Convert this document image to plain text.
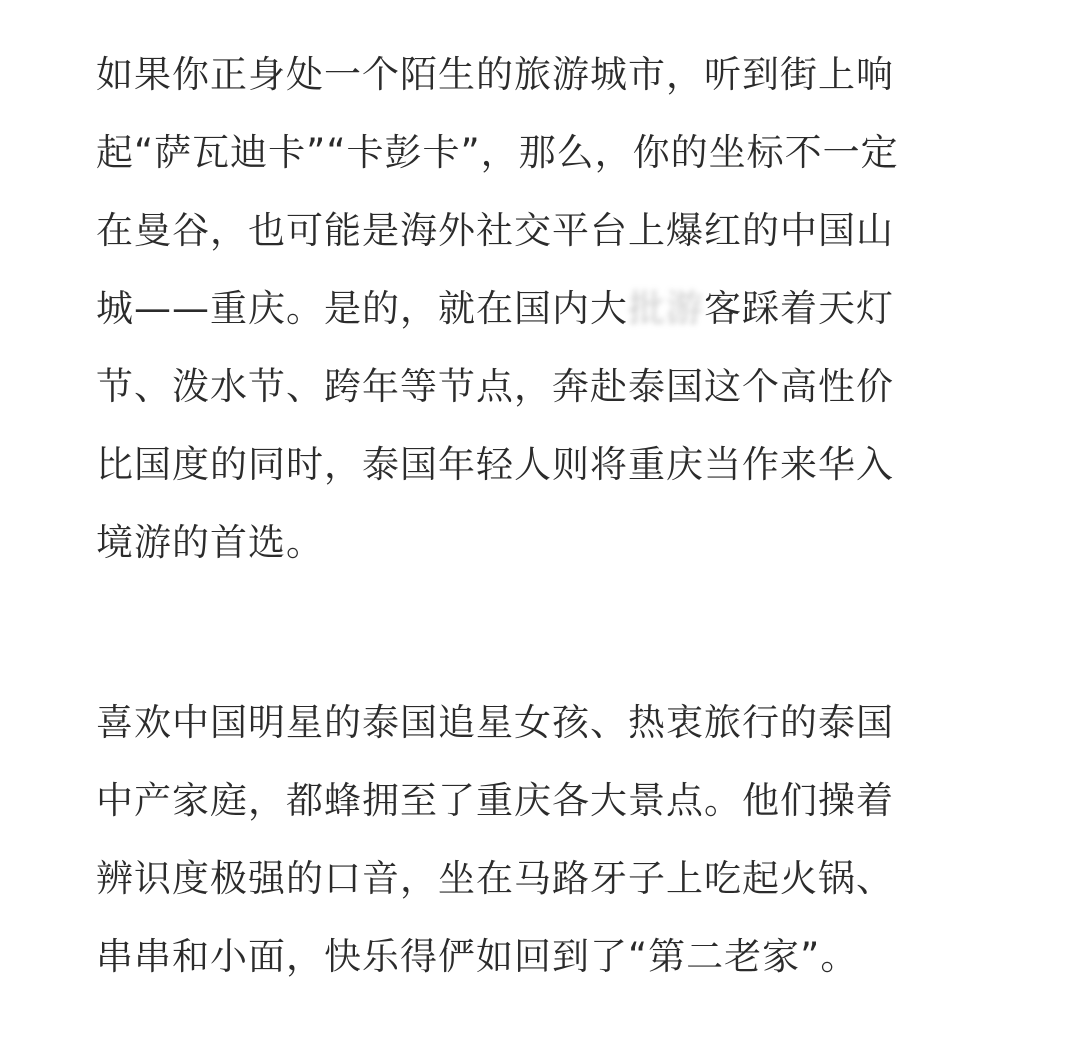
如果你正身处一个陌生的旅游城市，听到街上响
起“萨瓦迪卡”“卡彭卡”，那么，你的坐标不一定
在曼谷，也可能是海外社交平台上爆红的中国山
城——重庆。是的，就在国内大批游客踩着天灯
节、泼水节、跨年等节点，奔赴泰国这个高性价
比国度的同时，泰国年轻人则将重庆当作来华入
境游的首选。
喜欢中国明星的泰国追星女孩、热衷旅行的泰国
中产家庭，都蜂拥至了重庆各大景点。他们操着
辨识度极强的口音，坐在马路牙子上吃起火锅、
串串和小面，快乐得俨如回到了“第二老家”。
